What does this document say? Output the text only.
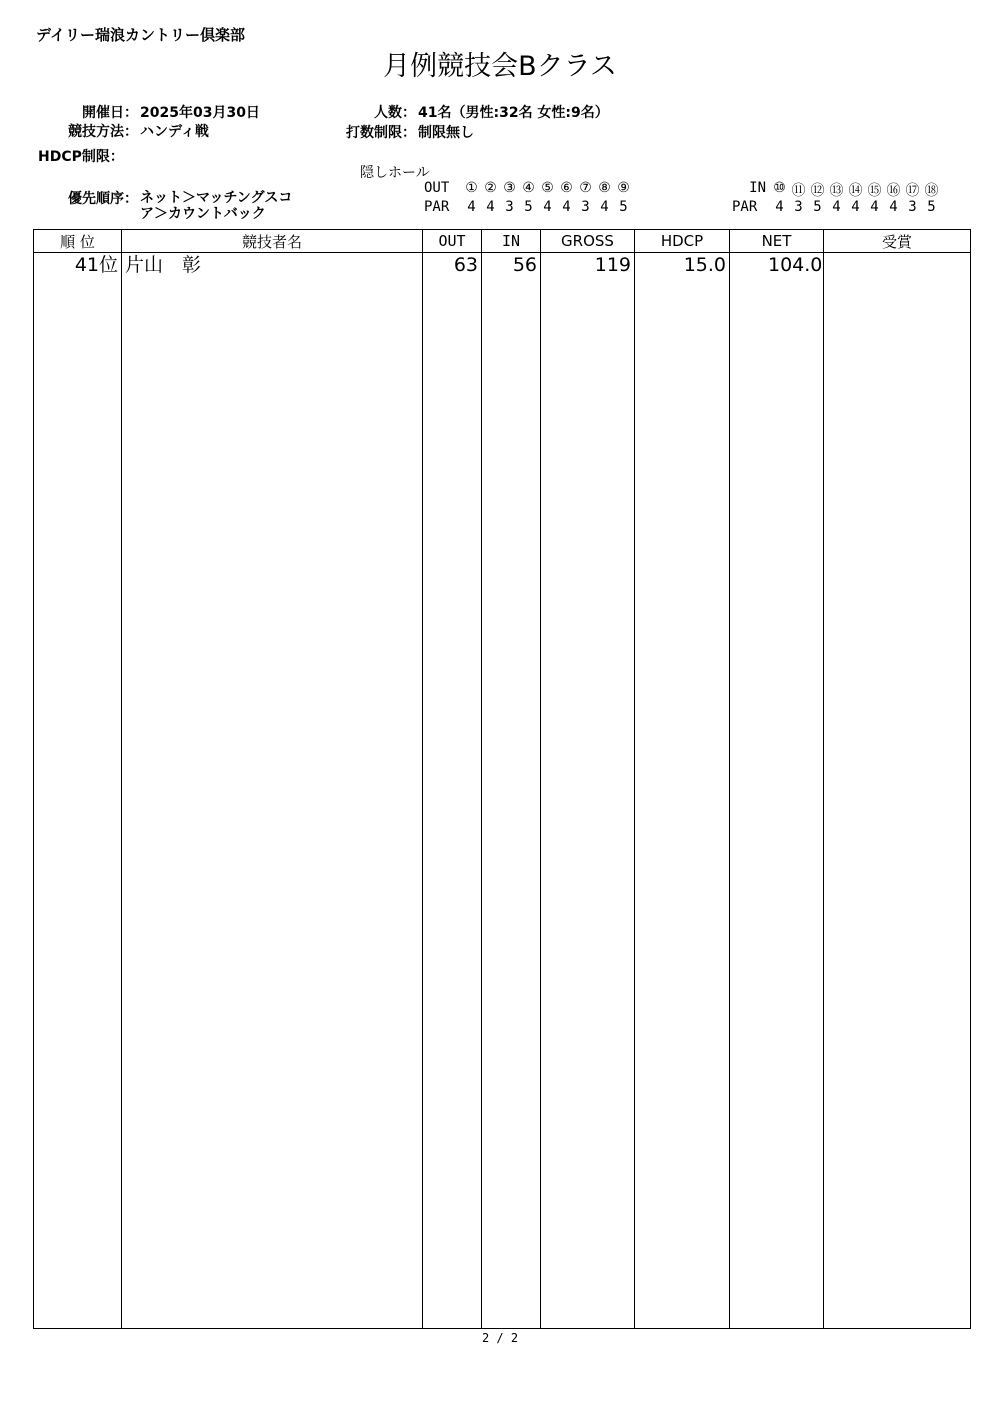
デイリー瑞浪カントリー倶楽部
月例競技会Bクラス
開催日： 2025年03月30日	人数： 41名（男性:32名 女性:9名）
競技方法： ハンディ戦	打数制限： 制限無し
HDCP制限：
優先順序： ネット＞マッチングスコ
ア＞カウントバック
隠しホール
OUT	① ② ③ ④ ⑤ ⑥ ⑦ ⑧ ⑨
PAR	4 4 3 5 4 4 3 4 5
IN ⑩ ⑪ ⑫ ⑬ ⑭ ⑮ ⑯ ⑰ ⑱
PAR	4 3 5 4 4 4 4 3 5
順 位	競技者名	OUT	IN	GROSS	HDCP	NET	受賞
41位	片山　彰	63	56	119	15.0	104.0	

2 / 2
